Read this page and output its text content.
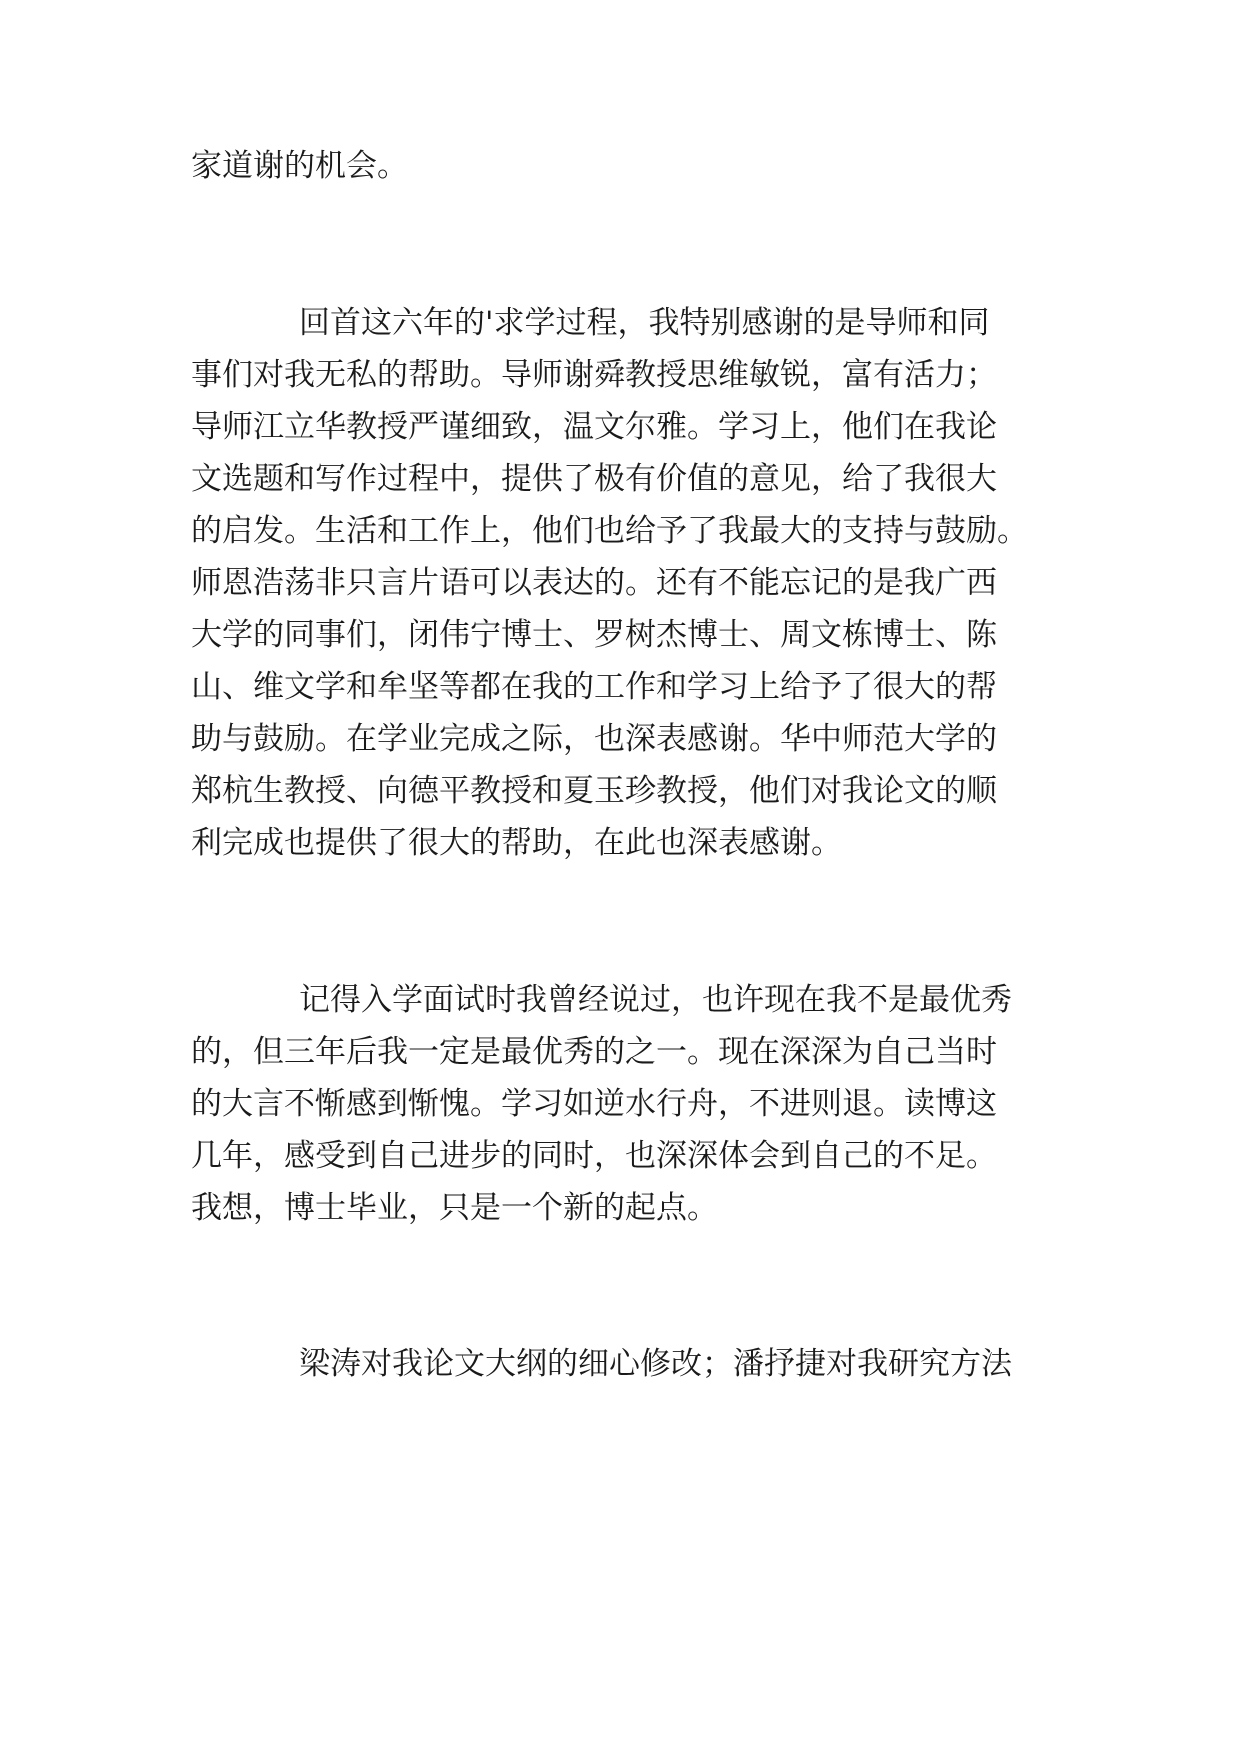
家道谢的机会。

回首这六年的'求学过程，我特别感谢的是导师和同

事们对我无私的帮助。导师谢舜教授思维敏锐，富有活力；

导师江立华教授严谨细致，温文尔雅。学习上，他们在我论

文选题和写作过程中，提供了极有价值的意见，给了我很大

的启发。生活和工作上，他们也给予了我最大的支持与鼓励。

师恩浩荡非只言片语可以表达的。还有不能忘记的是我广西

大学的同事们，闭伟宁博士、罗树杰博士、周文栋博士、陈

山、维文学和牟坚等都在我的工作和学习上给予了很大的帮

助与鼓励。在学业完成之际，也深表感谢。华中师范大学的

郑杭生教授、向德平教授和夏玉珍教授，他们对我论文的顺

利完成也提供了很大的帮助，在此也深表感谢。

记得入学面试时我曾经说过，也许现在我不是最优秀

的，但三年后我一定是最优秀的之一。现在深深为自己当时

的大言不惭感到惭愧。学习如逆水行舟，不进则退。读博这

几年，感受到自己进步的同时，也深深体会到自己的不足。

我想，博士毕业，只是一个新的起点。

梁涛对我论文大纲的细心修改；潘抒捷对我研究方法
